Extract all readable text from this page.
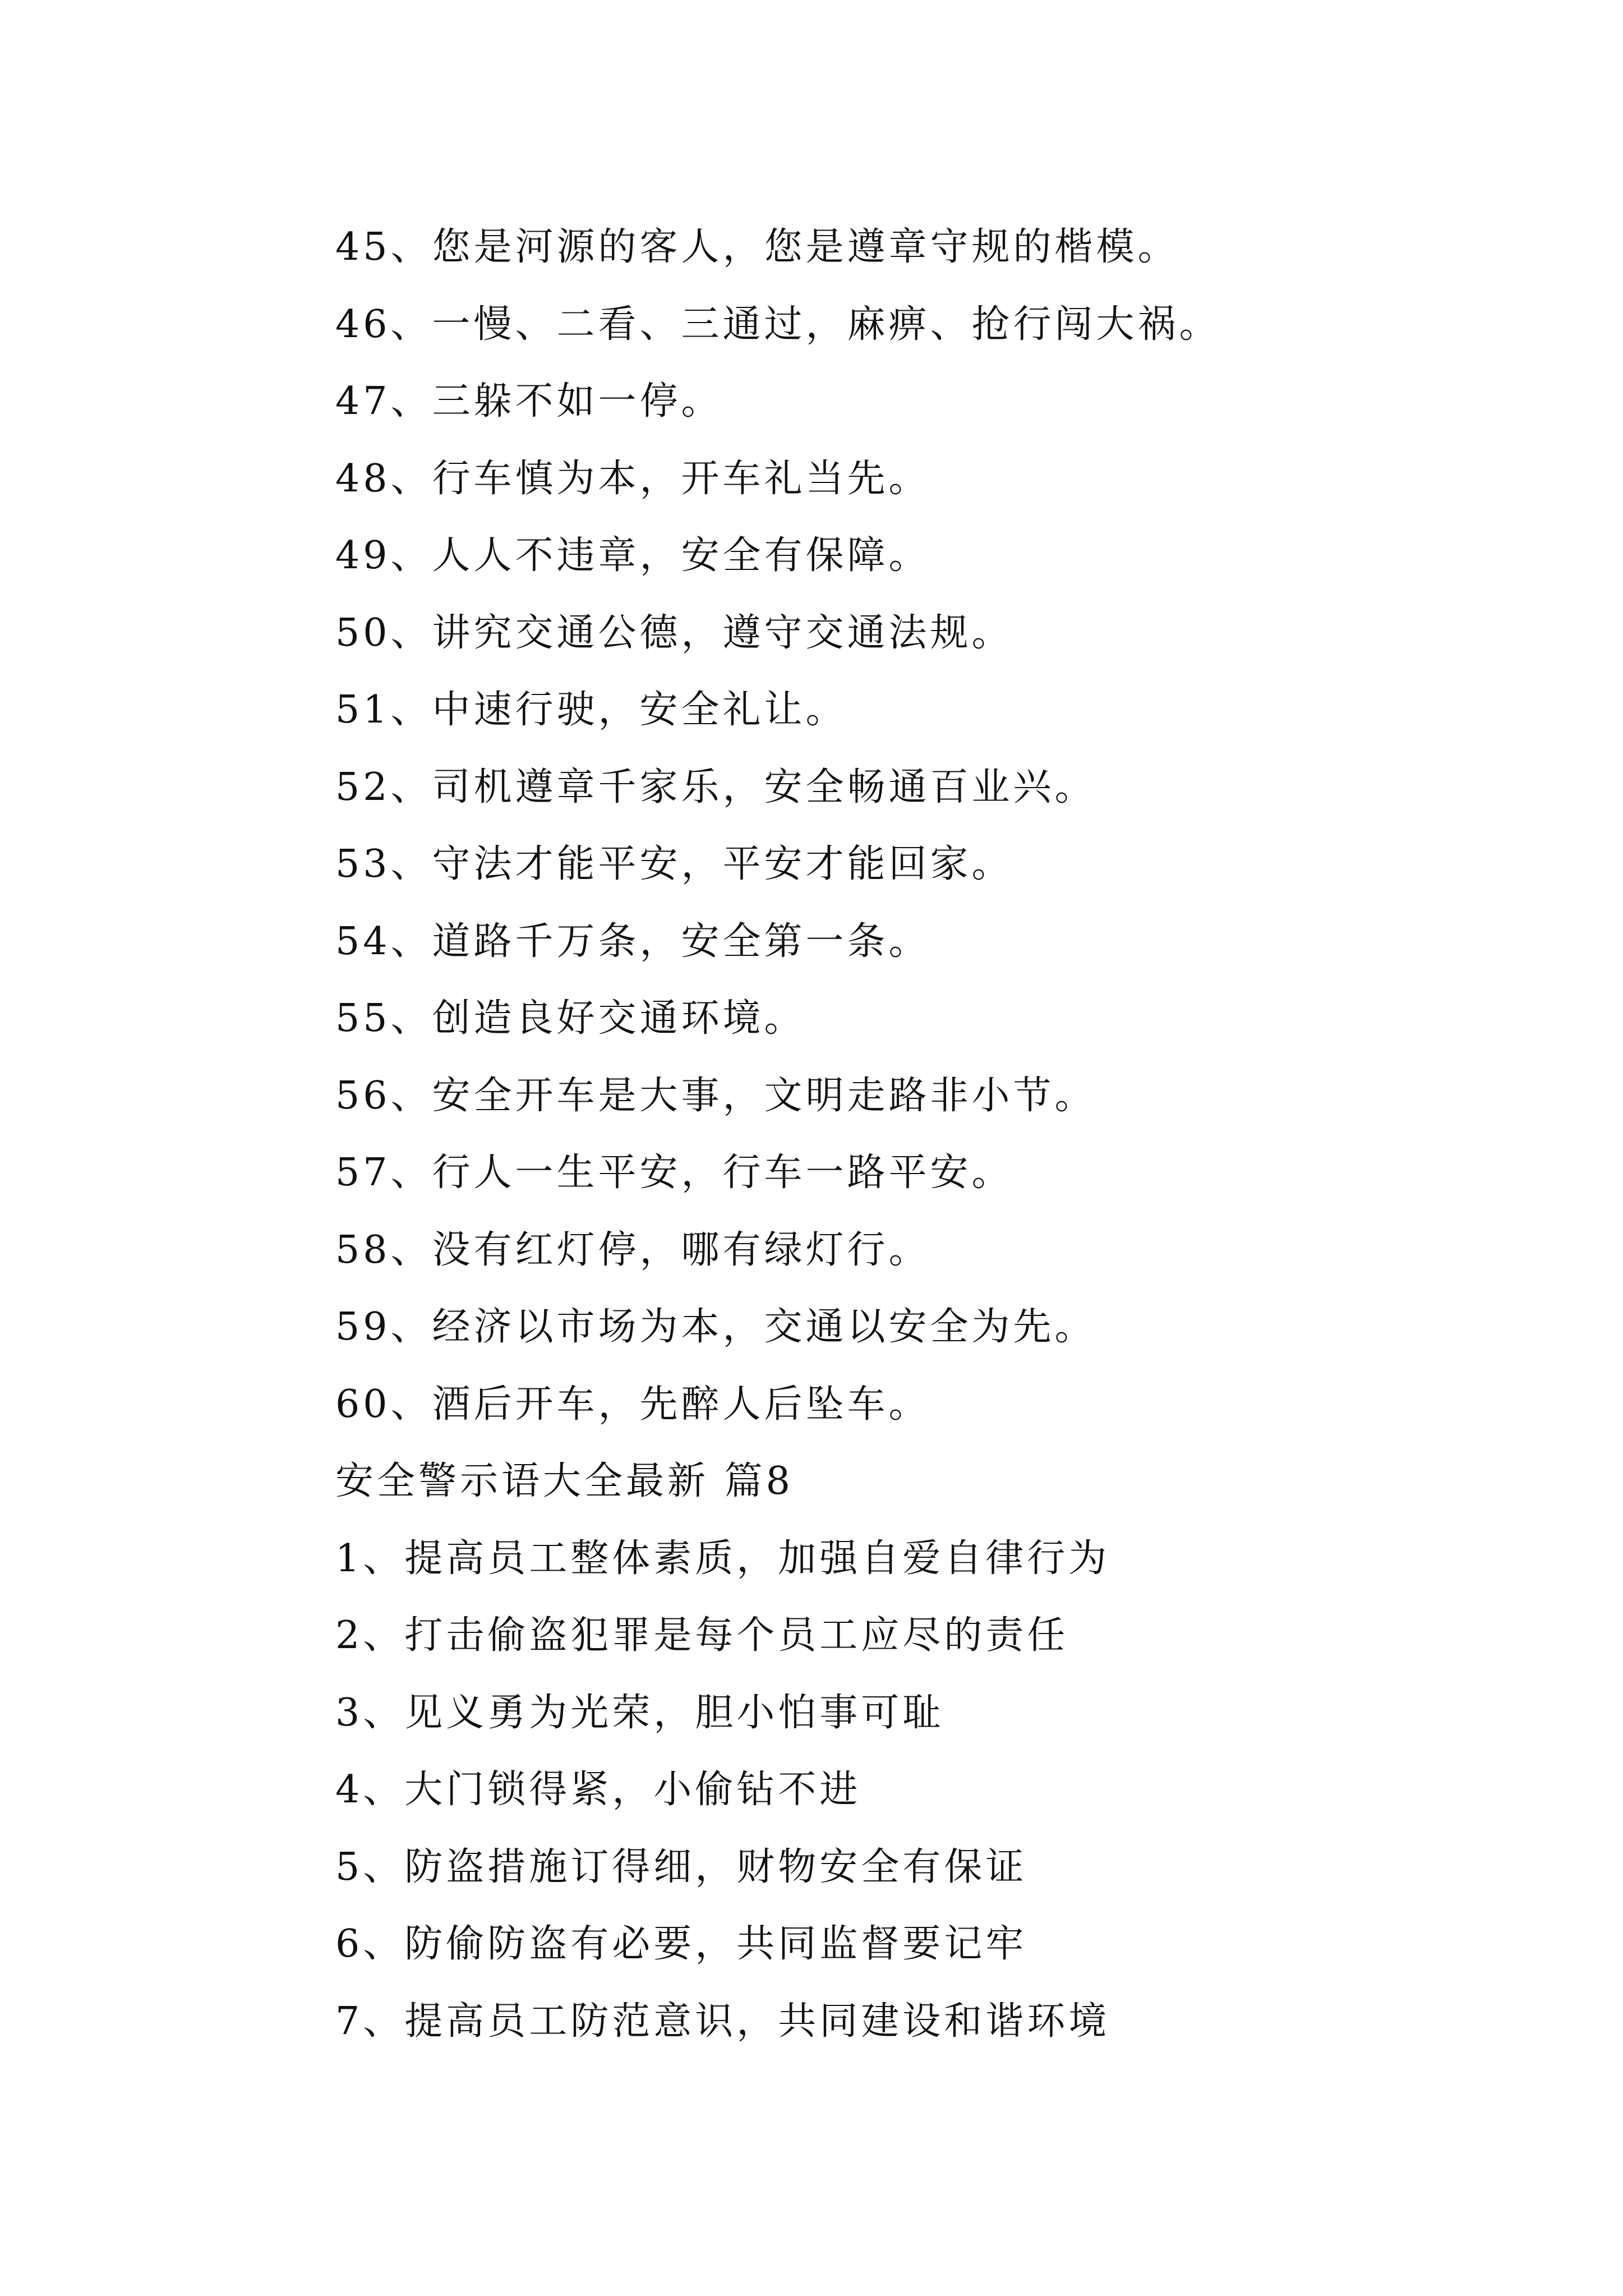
45、您是河源的客人，您是遵章守规的楷模。
46、一慢、二看、三通过，麻痹、抢行闯大祸。
47、三躲不如一停。
48、行车慎为本，开车礼当先。
49、人人不违章，安全有保障。
50、讲究交通公德，遵守交通法规。
51、中速行驶，安全礼让。
52、司机遵章千家乐，安全畅通百业兴。
53、守法才能平安，平安才能回家。
54、道路千万条，安全第一条。
55、创造良好交通环境。
56、安全开车是大事，文明走路非小节。
57、行人一生平安，行车一路平安。
58、没有红灯停，哪有绿灯行。
59、经济以市场为本，交通以安全为先。
60、酒后开车，先醉人后坠车。
安全警示语大全最新 篇8
1、提高员工整体素质，加强自爱自律行为
2、打击偷盗犯罪是每个员工应尽的责任
3、见义勇为光荣，胆小怕事可耻
4、大门锁得紧，小偷钻不进
5、防盗措施订得细，财物安全有保证
6、防偷防盗有必要，共同监督要记牢
7、提高员工防范意识，共同建设和谐环境
